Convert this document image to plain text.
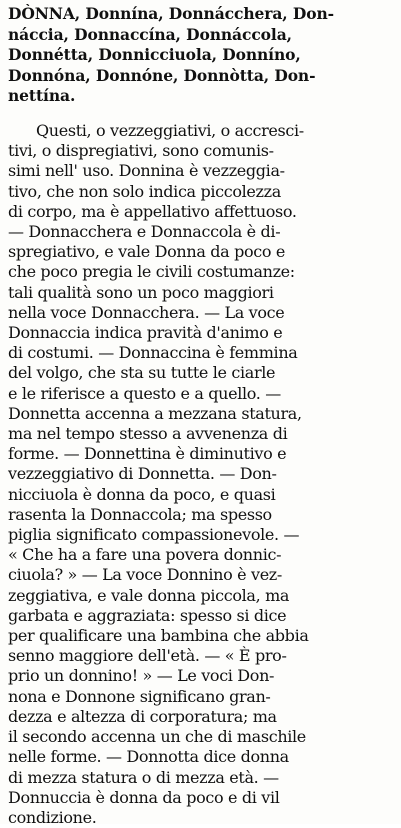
DÒNNA, Donnína, Donnácchera, Don-
náccia, Donnaccína, Donnáccola,
Donnétta, Donnicciuola, Donníno,
Donnóna, Donnóne, Donnòtta, Don-
nettína.
Questi, o vezzeggiativi, o accresci-
tivi, o dispregiativi, sono comunis-
simi nell' uso. Donnina è vezzeggia-
tivo, che non solo indica piccolezza
di corpo, ma è appellativo affettuoso.
— Donnacchera e Donnaccola è di-
spregiativo, e vale Donna da poco e
che poco pregia le civili costumanze:
tali qualità sono un poco maggiori
nella voce Donnacchera. — La voce
Donnaccia indica pravità d'animo e
di costumi. — Donnaccina è femmina
del volgo, che sta su tutte le ciarle
e le riferisce a questo e a quello. —
Donnetta accenna a mezzana statura,
ma nel tempo stesso a avvenenza di
forme. — Donnettina è diminutivo e
vezzeggiativo di Donnetta. — Don-
nicciuola è donna da poco, e quasi
rasenta la Donnaccola; ma spesso
piglia significato compassionevole. —
« Che ha a fare una povera donnic-
ciuola? » — La voce Donnino è vez-
zeggiativa, e vale donna piccola, ma
garbata e aggraziata: spesso si dice
per qualificare una bambina che abbia
senno maggiore dell'età. — « È pro-
prio un donnino! » — Le voci Don-
nona e Donnone significano gran-
dezza e altezza di corporatura; ma
il secondo accenna un che di maschile
nelle forme. — Donnotta dice donna
di mezza statura o di mezza età. —
Donnuccia è donna da poco e di vil
condizione.
